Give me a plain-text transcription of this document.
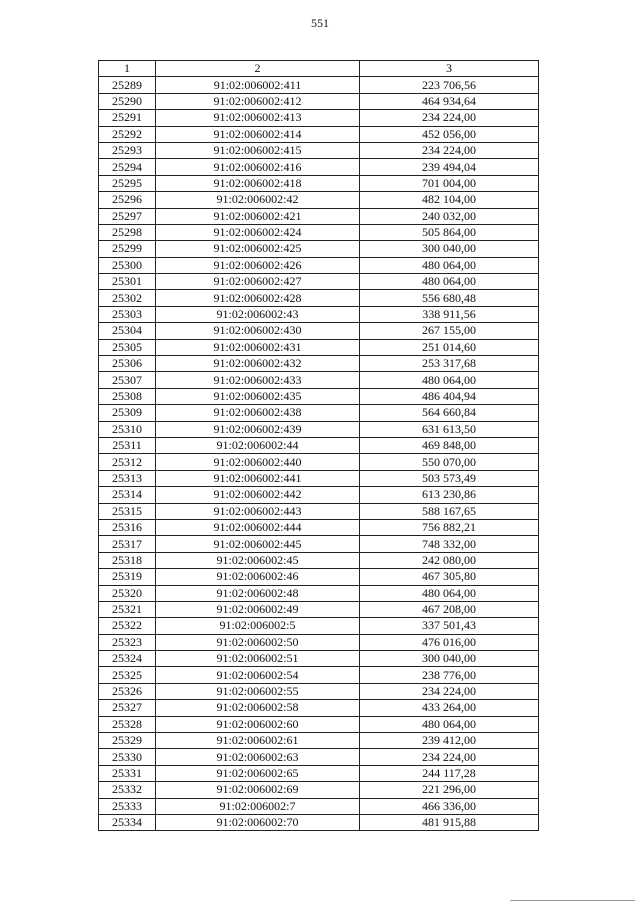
551
1	2	3
25289	91:02:006002:411	223 706,56
25290	91:02:006002:412	464 934,64
25291	91:02:006002:413	234 224,00
25292	91:02:006002:414	452 056,00
25293	91:02:006002:415	234 224,00
25294	91:02:006002:416	239 494,04
25295	91:02:006002:418	701 004,00
25296	91:02:006002:42	482 104,00
25297	91:02:006002:421	240 032,00
25298	91:02:006002:424	505 864,00
25299	91:02:006002:425	300 040,00
25300	91:02:006002:426	480 064,00
25301	91:02:006002:427	480 064,00
25302	91:02:006002:428	556 680,48
25303	91:02:006002:43	338 911,56
25304	91:02:006002:430	267 155,00
25305	91:02:006002:431	251 014,60
25306	91:02:006002:432	253 317,68
25307	91:02:006002:433	480 064,00
25308	91:02:006002:435	486 404,94
25309	91:02:006002:438	564 660,84
25310	91:02:006002:439	631 613,50
25311	91:02:006002:44	469 848,00
25312	91:02:006002:440	550 070,00
25313	91:02:006002:441	503 573,49
25314	91:02:006002:442	613 230,86
25315	91:02:006002:443	588 167,65
25316	91:02:006002:444	756 882,21
25317	91:02:006002:445	748 332,00
25318	91:02:006002:45	242 080,00
25319	91:02:006002:46	467 305,80
25320	91:02:006002:48	480 064,00
25321	91:02:006002:49	467 208,00
25322	91:02:006002:5	337 501,43
25323	91:02:006002:50	476 016,00
25324	91:02:006002:51	300 040,00
25325	91:02:006002:54	238 776,00
25326	91:02:006002:55	234 224,00
25327	91:02:006002:58	433 264,00
25328	91:02:006002:60	480 064,00
25329	91:02:006002:61	239 412,00
25330	91:02:006002:63	234 224,00
25331	91:02:006002:65	244 117,28
25332	91:02:006002:69	221 296,00
25333	91:02:006002:7	466 336,00
25334	91:02:006002:70	481 915,88
